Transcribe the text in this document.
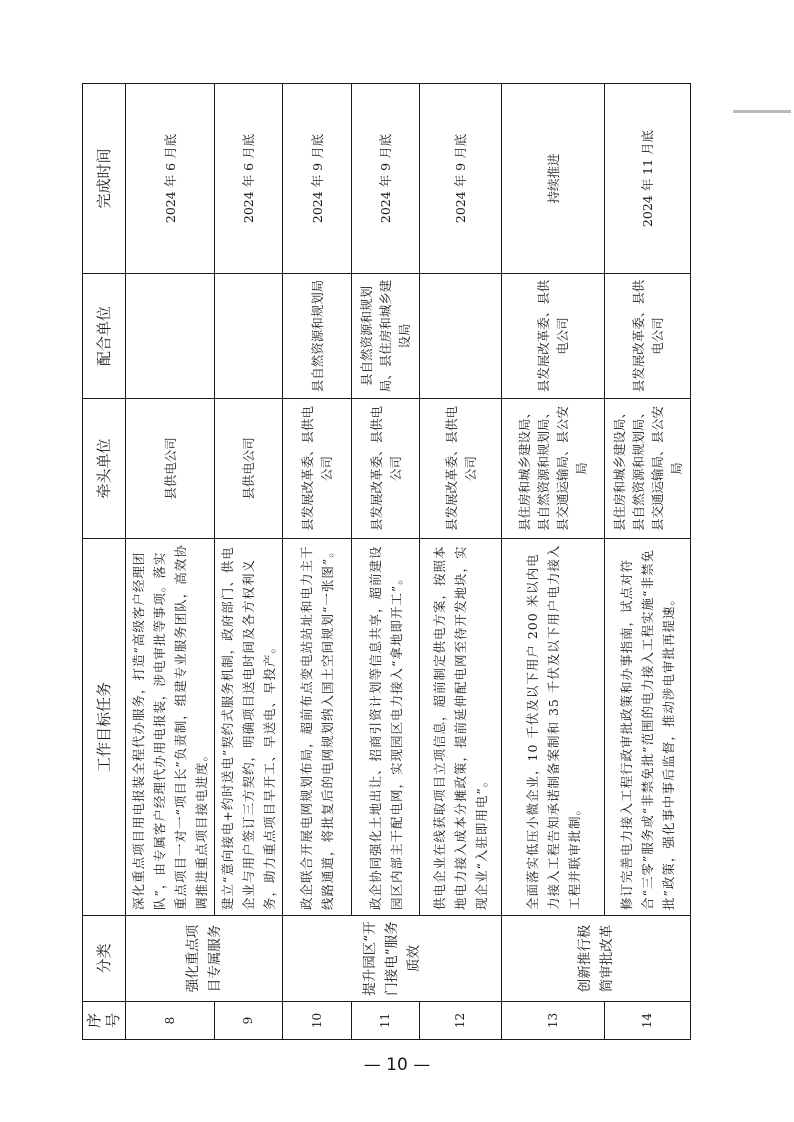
序号	分类	工作目标任务	牵头单位	配合单位	完成时间
8	强化重点项目专属服务	深化重点项目用电报装全程代办服务，打造“高级客户经理团队”，由专属客户经理代办用电报装，涉电审批等事项。落实重点项目一对一“项目长”负责制，组建专业服务团队，高效协调推进重点项目接电进度。	县供电公司		2024 年 6 月底
9		建立“意向接电+约时送电”契约式服务机制，政府部门、供电企业与用户签订三方契约，明确项目送电时间及各方权利义务，助力重点项目早开工、早送电、早投产。	县供电公司		2024 年 6 月底
10	提升园区“开门接电”服务质效	政企联合开展电网规划布局，超前布点变电站站址和电力主干线路通道，将批复后的电网规划纳入国土空间规划“一张图”。	县发展改革委、县供电公司	县自然资源和规划局	2024 年 9 月底
11		政企协同强化土地出让、招商引资计划等信息共享，超前建设园区内部主干配电网，实现园区电力接入“拿地即开工”。	县发展改革委、县供电公司	县自然资源和规划局、县住房和城乡建设局	2024 年 9 月底
12		供电企业在线获取项目立项信息，超前制定供电方案，按照本地电力接入成本分摊政策，提前延伸配电网至待开发地块，实现企业“入驻即用电”。	县发展改革委、县供电公司		2024 年 9 月底
13	创新推行极简审批改革	全面落实低压小微企业，10 千伏及以下用户 200 米以内电力接入工程告知承诺制备案制和 35 千伏及以下用户电力接入工程并联审批制。	县住房和城乡建设局、县自然资源和规划局、县交通运输局、县公安局	县发展改革委、县供电公司	持续推进
14		修订完善电力接入工程行政审批政策和办事指南，试点对符合“三零”服务或“非禁免批”范围的电力接入工程实施“非禁免批”政策，强化事中事后监督，推动涉电审批再提速。	县住房和城乡建设局、县自然资源和规划局、县交通运输局、县公安局	县发展改革委、县供电公司	2024 年 11 月底
— 10 —
